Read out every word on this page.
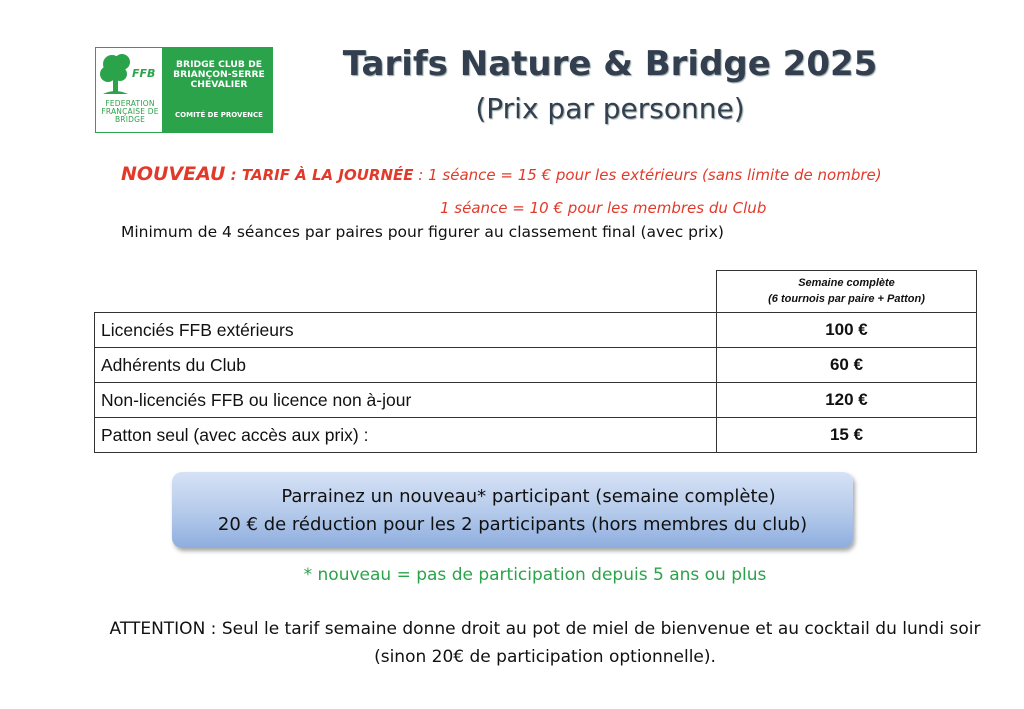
FFB
FEDERATION FRANÇAISE DE BRIDGE
BRIDGE CLUB DE BRIANÇON-SERRE CHEVALIER
COMITÉ DE PROVENCE
Tarifs Nature & Bridge 2025
(Prix par personne)
NOUVEAU : TARIF À LA JOURNÉE : 1 séance = 15 € pour les extérieurs (sans limite de nombre)
1 séance = 10 € pour les membres du Club
Minimum de 4 séances par paires pour figurer au classement final (avec prix)
Semaine complète
(6 tournois par paire + Patton)
Licenciés FFB extérieurs	100 €
Adhérents du Club	60 €
Non-licenciés FFB ou licence non à-jour	120 €
Patton seul (avec accès aux prix) :	15 €
Parrainez un nouveau* participant (semaine complète)
20 € de réduction pour les 2 participants (hors membres du club)
* nouveau = pas de participation depuis 5 ans ou plus
ATTENTION : Seul le tarif semaine donne droit au pot de miel de bienvenue et au cocktail du lundi soir (sinon 20€ de participation optionnelle).
